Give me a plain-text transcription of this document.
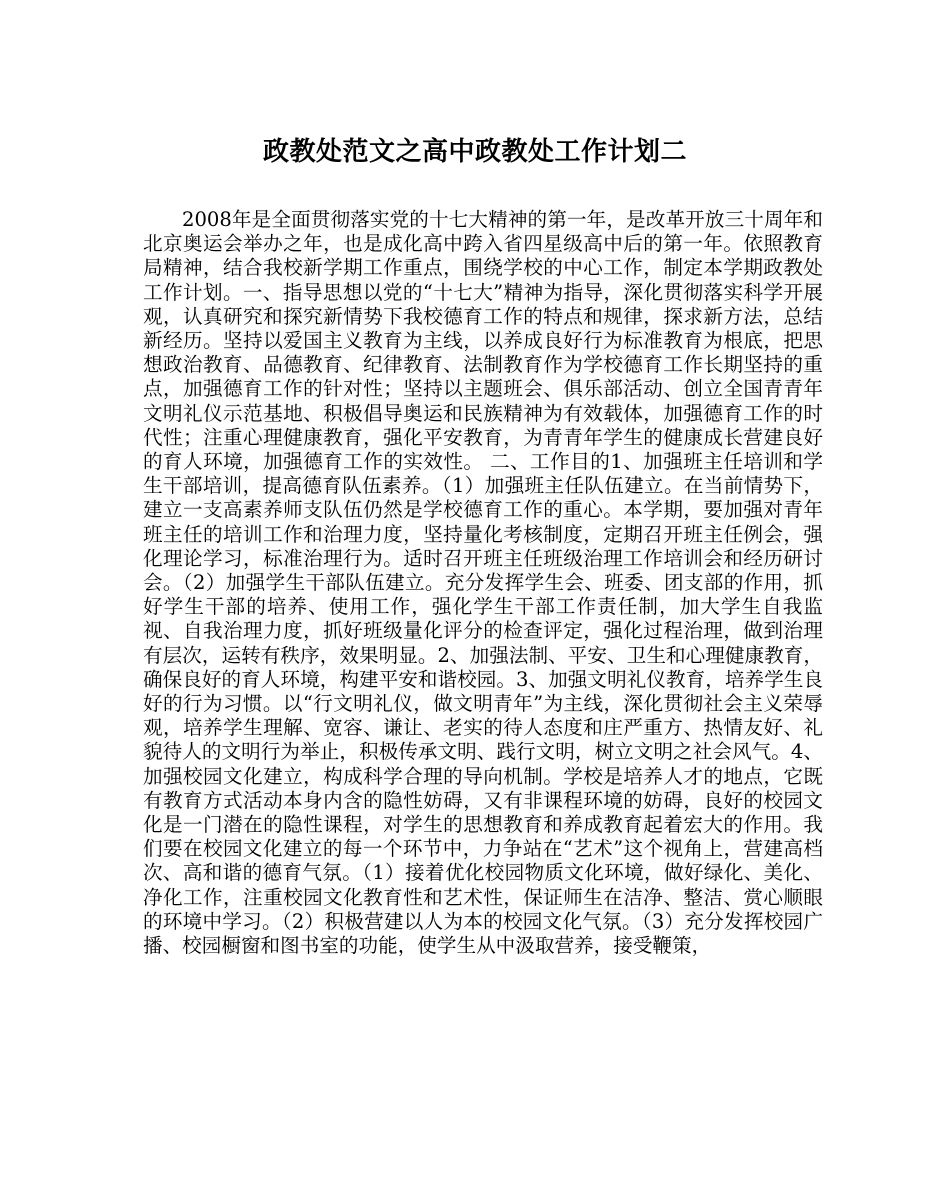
政教处范文之高中政教处工作计划二

2008年是全面贯彻落实党的十七大精神的第一年，是改革开放三十周年和北京奥运会举办之年，也是成化高中跨入省四星级高中后的第一年。依照教育局精神，结合我校新学期工作重点，围绕学校的中心工作，制定本学期政教处工作计划。一、指导思想以党的“十七大”精神为指导，深化贯彻落实科学开展观，认真研究和探究新情势下我校德育工作的特点和规律，探求新方法，总结新经历。坚持以爱国主义教育为主线，以养成良好行为标准教育为根底，把思想政治教育、品德教育、纪律教育、法制教育作为学校德育工作长期坚持的重点，加强德育工作的针对性；坚持以主题班会、俱乐部活动、创立全国青青年文明礼仪示范基地、积极倡导奥运和民族精神为有效载体，加强德育工作的时代性；注重心理健康教育，强化平安教育，为青青年学生的健康成长营建良好的育人环境，加强德育工作的实效性。 二、工作目的1、加强班主任培训和学生干部培训，提高德育队伍素养。（1）加强班主任队伍建立。在当前情势下，建立一支高素养师支队伍仍然是学校德育工作的重心。本学期，要加强对青年班主任的培训工作和治理力度，坚持量化考核制度，定期召开班主任例会，强化理论学习，标准治理行为。适时召开班主任班级治理工作培训会和经历研讨会。（2）加强学生干部队伍建立。充分发挥学生会、班委、团支部的作用，抓好学生干部的培养、使用工作，强化学生干部工作责任制，加大学生自我监视、自我治理力度，抓好班级量化评分的检查评定，强化过程治理，做到治理有层次，运转有秩序，效果明显。2、加强法制、平安、卫生和心理健康教育，确保良好的育人环境，构建平安和谐校园。3、加强文明礼仪教育，培养学生良好的行为习惯。以“行文明礼仪，做文明青年”为主线，深化贯彻社会主义荣辱观，培养学生理解、宽容、谦让、老实的待人态度和庄严重方、热情友好、礼貌待人的文明行为举止，积极传承文明、践行文明，树立文明之社会风气。4、加强校园文化建立，构成科学合理的导向机制。学校是培养人才的地点，它既有教育方式活动本身内含的隐性妨碍，又有非课程环境的妨碍，良好的校园文化是一门潜在的隐性课程，对学生的思想教育和养成教育起着宏大的作用。我们要在校园文化建立的每一个环节中，力争站在“艺术”这个视角上，营建高档次、高和谐的德育气氛。（1）接着优化校园物质文化环境，做好绿化、美化、净化工作，注重校园文化教育性和艺术性，保证师生在洁净、整洁、赏心顺眼的环境中学习。（2）积极营建以人为本的校园文化气氛。（3）充分发挥校园广播、校园橱窗和图书室的功能，使学生从中汲取营养，接受鞭策，
